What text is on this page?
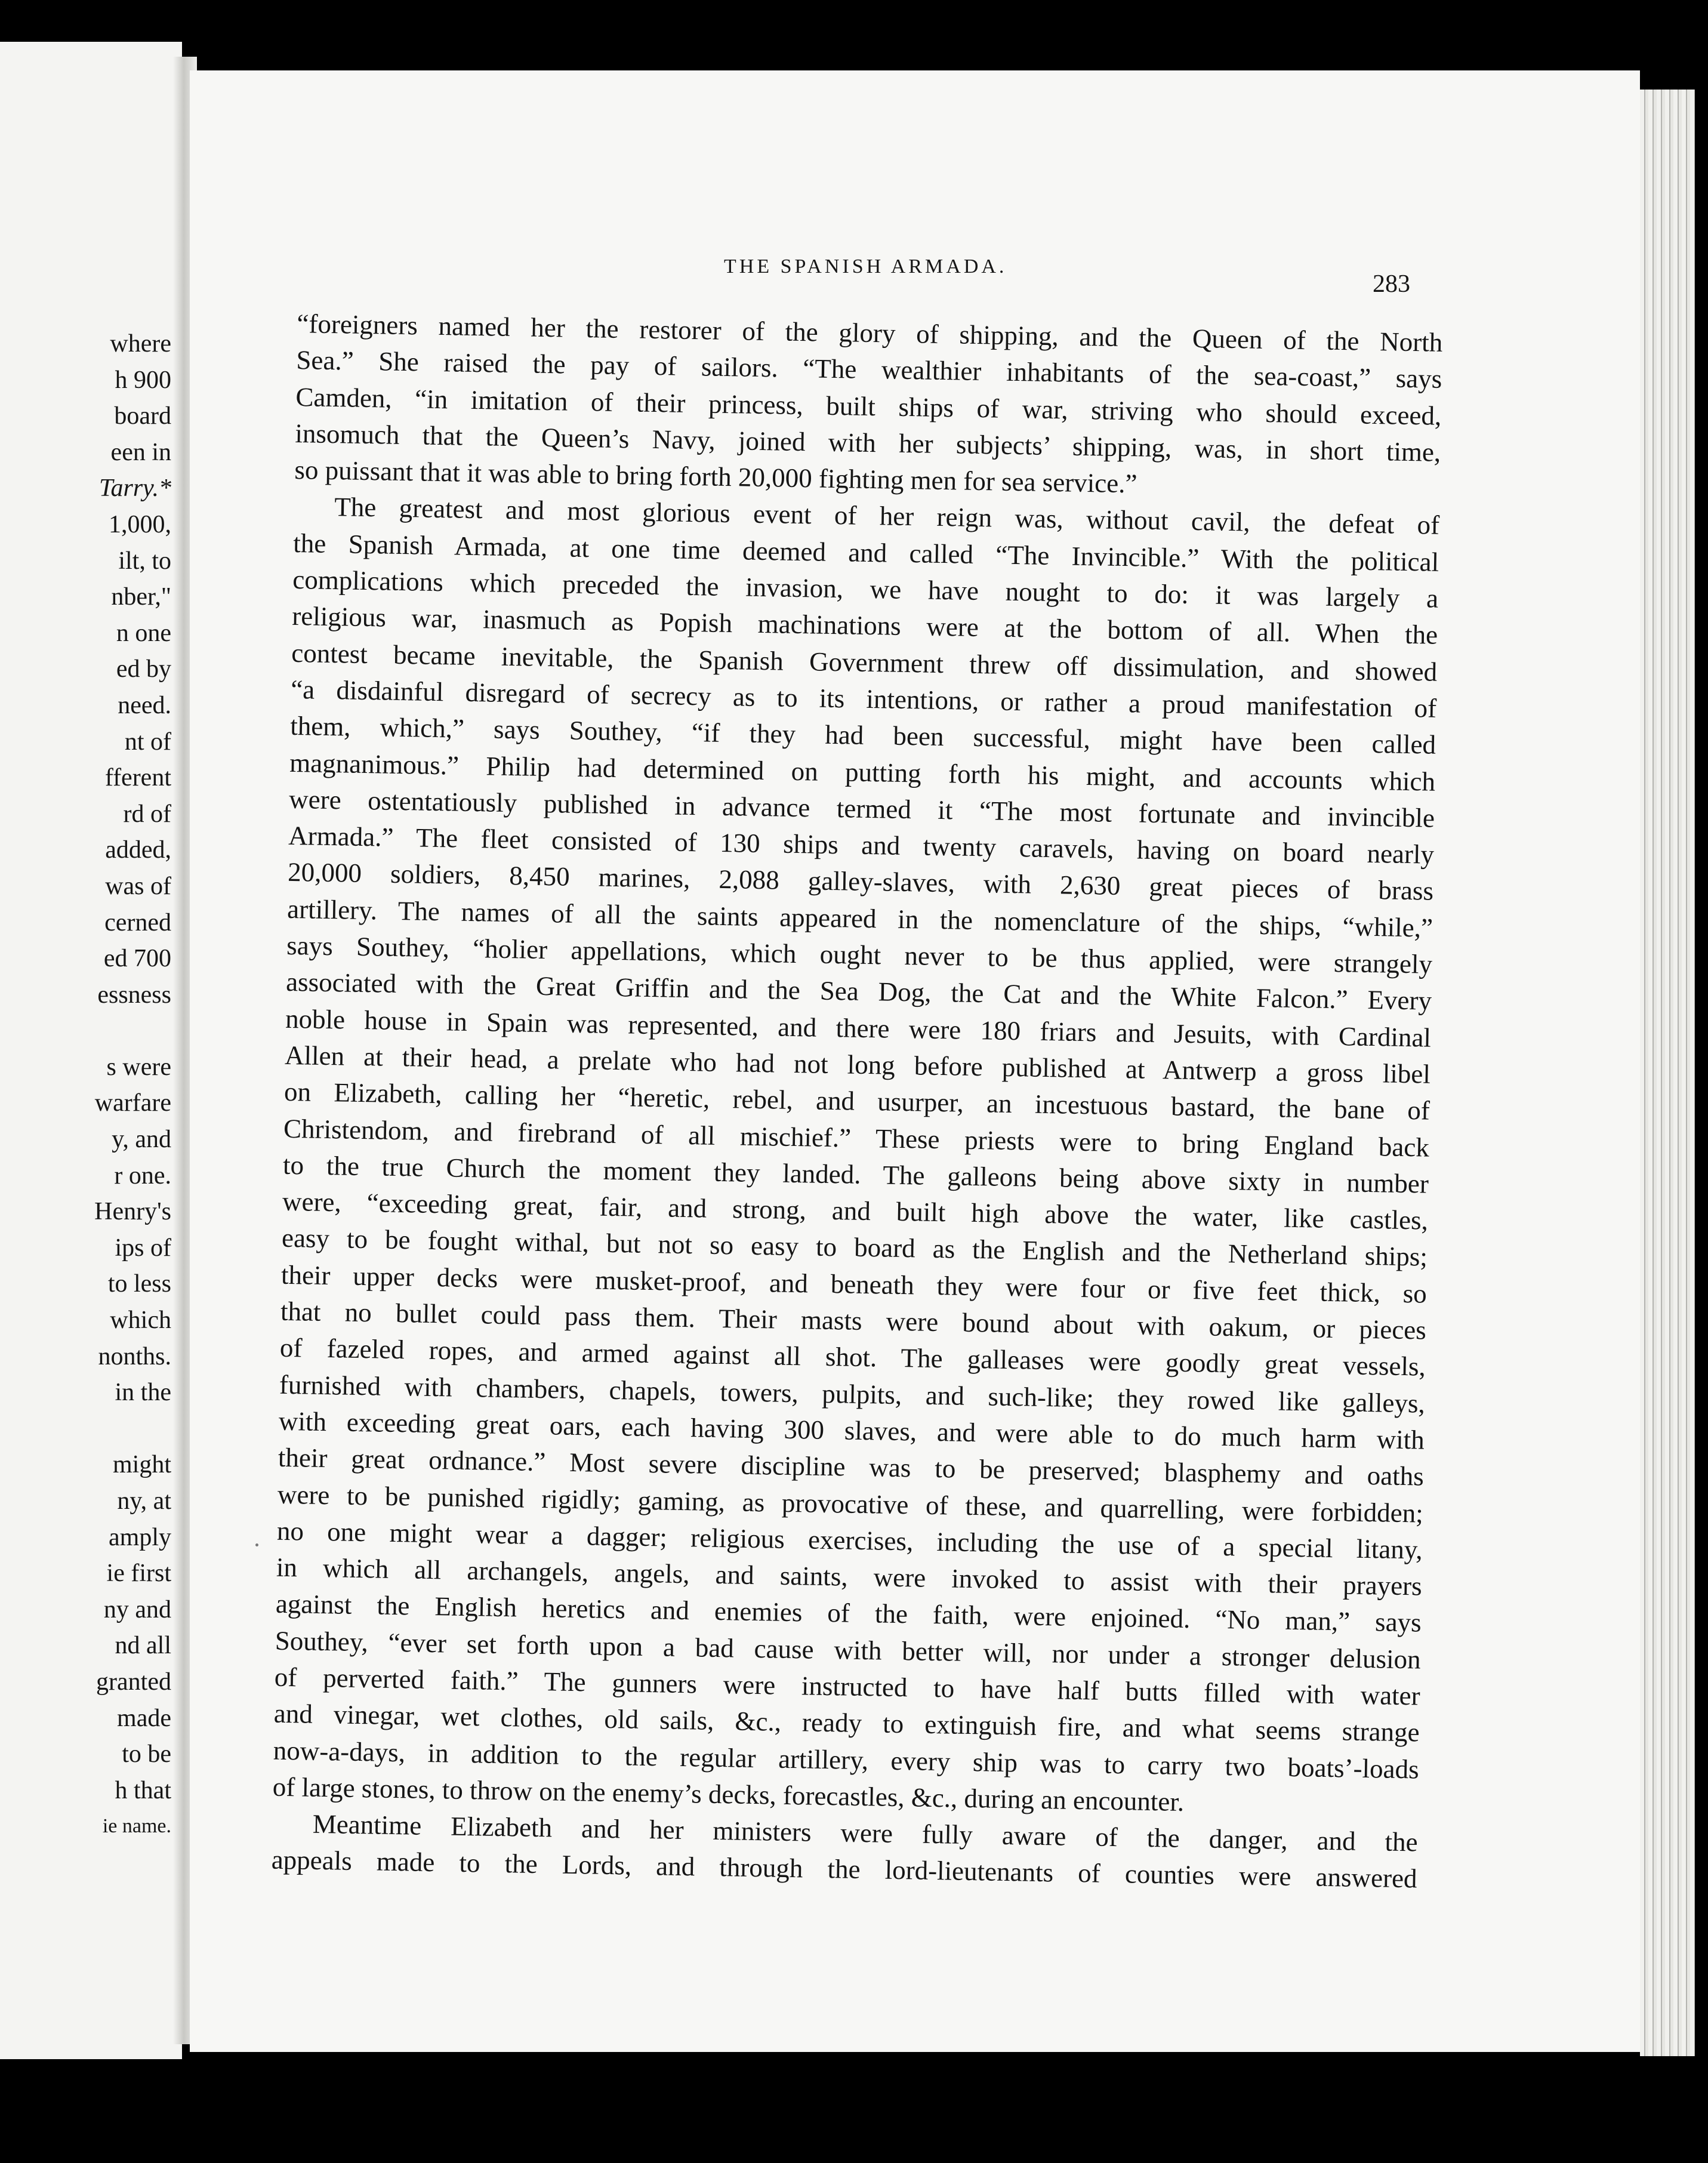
where
h 900
board
een in
Tarry.*
1,000,
ilt, to
nber,"
n one
ed by
need.
nt of
fferent
rd of
added,
was of
cerned
ed 700
essness
s were
warfare
y, and
r one.
Henry's
ips of
to less
which
nonths.
in the
might
ny, at
amply
ie first
ny and
nd all
granted
made
to be
h that
ie name.
THE SPANISH ARMADA.
283
“foreigners named her the restorer of the glory of shipping, and the Queen of the North
Sea.” She raised the pay of sailors. “The wealthier inhabitants of the sea-coast,” says
Camden, “in imitation of their princess, built ships of war, striving who should exceed,
insomuch that the Queen’s Navy, joined with her subjects’ shipping, was, in short time,
so puissant that it was able to bring forth 20,000 fighting men for sea service.”
The greatest and most glorious event of her reign was, without cavil, the defeat of
the Spanish Armada, at one time deemed and called “The Invincible.” With the political
complications which preceded the invasion, we have nought to do: it was largely a
religious war, inasmuch as Popish machinations were at the bottom of all. When the
contest became inevitable, the Spanish Government threw off dissimulation, and showed
“a disdainful disregard of secrecy as to its intentions, or rather a proud manifestation of
them, which,” says Southey, “if they had been successful, might have been called
magnanimous.” Philip had determined on putting forth his might, and accounts which
were ostentatiously published in advance termed it “The most fortunate and invincible
Armada.” The fleet consisted of 130 ships and twenty caravels, having on board nearly
20,000 soldiers, 8,450 marines, 2,088 galley-slaves, with 2,630 great pieces of brass
artillery. The names of all the saints appeared in the nomenclature of the ships, “while,”
says Southey, “holier appellations, which ought never to be thus applied, were strangely
associated with the Great Griffin and the Sea Dog, the Cat and the White Falcon.” Every
noble house in Spain was represented, and there were 180 friars and Jesuits, with Cardinal
Allen at their head, a prelate who had not long before published at Antwerp a gross libel
on Elizabeth, calling her “heretic, rebel, and usurper, an incestuous bastard, the bane of
Christendom, and firebrand of all mischief.” These priests were to bring England back
to the true Church the moment they landed. The galleons being above sixty in number
were, “exceeding great, fair, and strong, and built high above the water, like castles,
easy to be fought withal, but not so easy to board as the English and the Netherland ships;
their upper decks were musket-proof, and beneath they were four or five feet thick, so
that no bullet could pass them. Their masts were bound about with oakum, or pieces
of fazeled ropes, and armed against all shot. The galleases were goodly great vessels,
furnished with chambers, chapels, towers, pulpits, and such-like; they rowed like galleys,
with exceeding great oars, each having 300 slaves, and were able to do much harm with
their great ordnance.” Most severe discipline was to be preserved; blasphemy and oaths
were to be punished rigidly; gaming, as provocative of these, and quarrelling, were forbidden;
no one might wear a dagger; religious exercises, including the use of a special litany,
in which all archangels, angels, and saints, were invoked to assist with their prayers
against the English heretics and enemies of the faith, were enjoined. “No man,” says
Southey, “ever set forth upon a bad cause with better will, nor under a stronger delusion
of perverted faith.” The gunners were instructed to have half butts filled with water
and vinegar, wet clothes, old sails, &c., ready to extinguish fire, and what seems strange
now-a-days, in addition to the regular artillery, every ship was to carry two boats’-loads
of large stones, to throw on the enemy’s decks, forecastles, &c., during an encounter.
Meantime Elizabeth and her ministers were fully aware of the danger, and the
appeals made to the Lords, and through the lord-lieutenants of counties were answered
